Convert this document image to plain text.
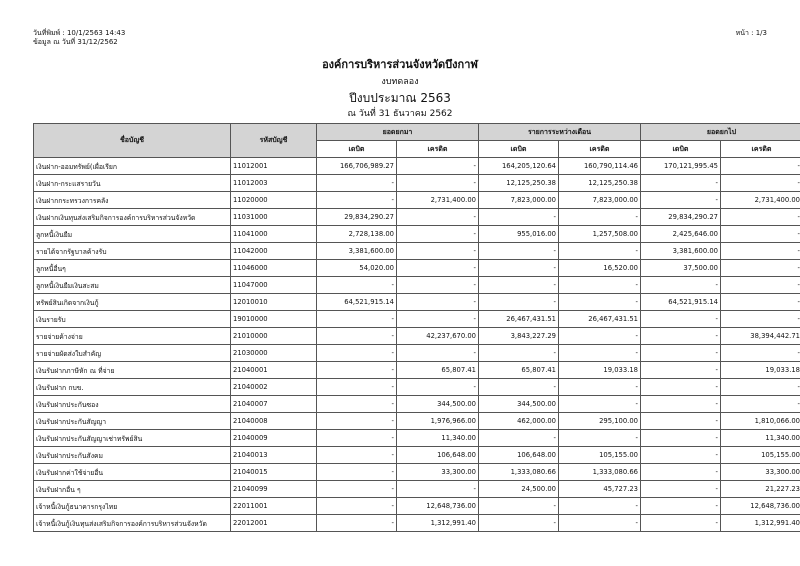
วันที่พิมพ์ : 10/1/2563 14:43
ข้อมูล ณ วันที่ 31/12/2562
หน้า : 1/3
องค์การบริหารส่วนจังหวัดบึงกาฬ
งบทดลอง
ปีงบประมาณ 2563
ณ วันที่ 31 ธันวาคม 2562
ชื่อบัญชี	รหัสบัญชี	ยอดยกมา		รายการระหว่างเดือน		ยอดยกไป	
		เดบิต	เครดิต	เดบิต	เครดิต	เดบิต	เครดิต
เงินฝาก-ออมทรัพย์(เผื่อเรียก	11012001	166,706,989.27	-	164,205,120.64	160,790,114.46	170,121,995.45	-
เงินฝาก-กระแสรายวัน	11012003	-	-	12,125,250.38	12,125,250.38	-	-
เงินฝากกระทรวงการคลัง	11020000	-	2,731,400.00	7,823,000.00	7,823,000.00	-	2,731,400.00
เงินฝากเงินทุนส่งเสริมกิจการองค์การบริหารส่วนจังหวัด	11031000	29,834,290.27	-	-	-	29,834,290.27	-
ลูกหนี้เงินยืม	11041000	2,728,138.00	-	955,016.00	1,257,508.00	2,425,646.00	-
รายได้จากรัฐบาลค้างรับ	11042000	3,381,600.00	-	-	-	3,381,600.00	-
ลูกหนี้อื่นๆ	11046000	54,020.00	-	-	16,520.00	37,500.00	-
ลูกหนี้เงินยืมเงินสะสม	11047000	-	-	-	-	-	-
ทรัพย์สินเกิดจากเงินกู้	12010010	64,521,915.14	-	-	-	64,521,915.14	-
เงินรายรับ	19010000	-	-	26,467,431.51	26,467,431.51	-	-
รายจ่ายค้างจ่าย	21010000	-	42,237,670.00	3,843,227.29	-	-	38,394,442.71
รายจ่ายผัดส่งใบสำคัญ	21030000	-	-	-	-	-	-
เงินรับฝากภาษีหัก ณ ที่จ่าย	21040001	-	65,807.41	65,807.41	19,033.18	-	19,033.18
เงินรับฝาก กบข.	21040002	-	-	-	-	-	-
เงินรับฝากประกันซอง	21040007	-	344,500.00	344,500.00	-	-	-
เงินรับฝากประกันสัญญา	21040008	-	1,976,966.00	462,000.00	295,100.00	-	1,810,066.00
เงินรับฝากประกันสัญญาเช่าทรัพย์สิน	21040009	-	11,340.00	-	-	-	11,340.00
เงินรับฝากประกันสังคม	21040013	-	106,648.00	106,648.00	105,155.00	-	105,155.00
เงินรับฝากค่าใช้จ่ายอื่น	21040015	-	33,300.00	1,333,080.66	1,333,080.66	-	33,300.00
เงินรับฝากอื่น ๆ	21040099	-	-	24,500.00	45,727.23	-	21,227.23
เจ้าหนี้เงินกู้ธนาคารกรุงไทย	22011001	-	12,648,736.00	-	-	-	12,648,736.00
เจ้าหนี้เงินกู้เงินทุนส่งเสริมกิจการองค์การบริหารส่วนจังหวัด	22012001	-	1,312,991.40	-	-	-	1,312,991.40
